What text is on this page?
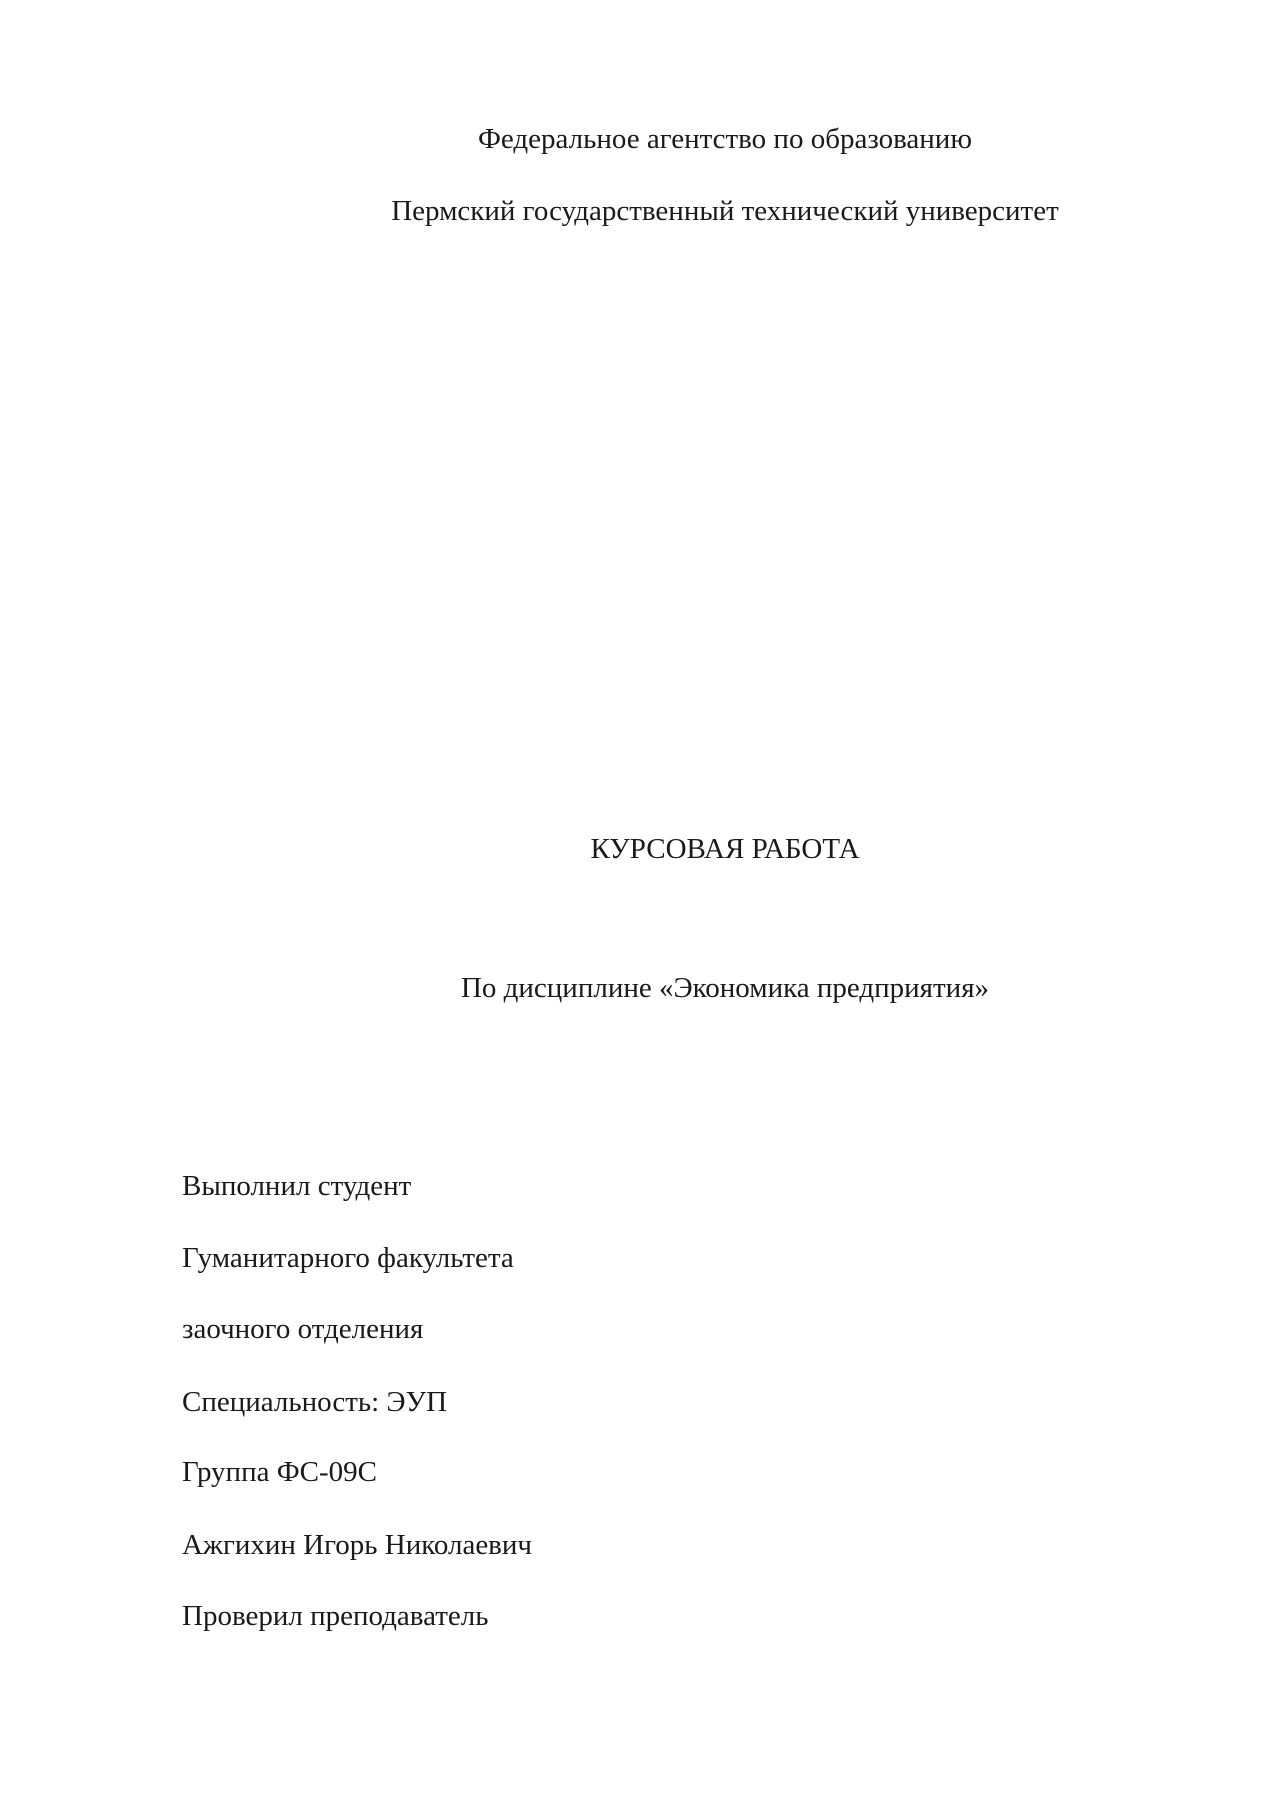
Федеральное агентство по образованию
Пермский государственный технический университет
КУРСОВАЯ РАБОТА
По дисциплине «Экономика предприятия»
Выполнил студент
Гуманитарного факультета
заочного отделения
Специальность: ЭУП
Группа ФС-09С
Ажгихин Игорь Николаевич
Проверил преподаватель
